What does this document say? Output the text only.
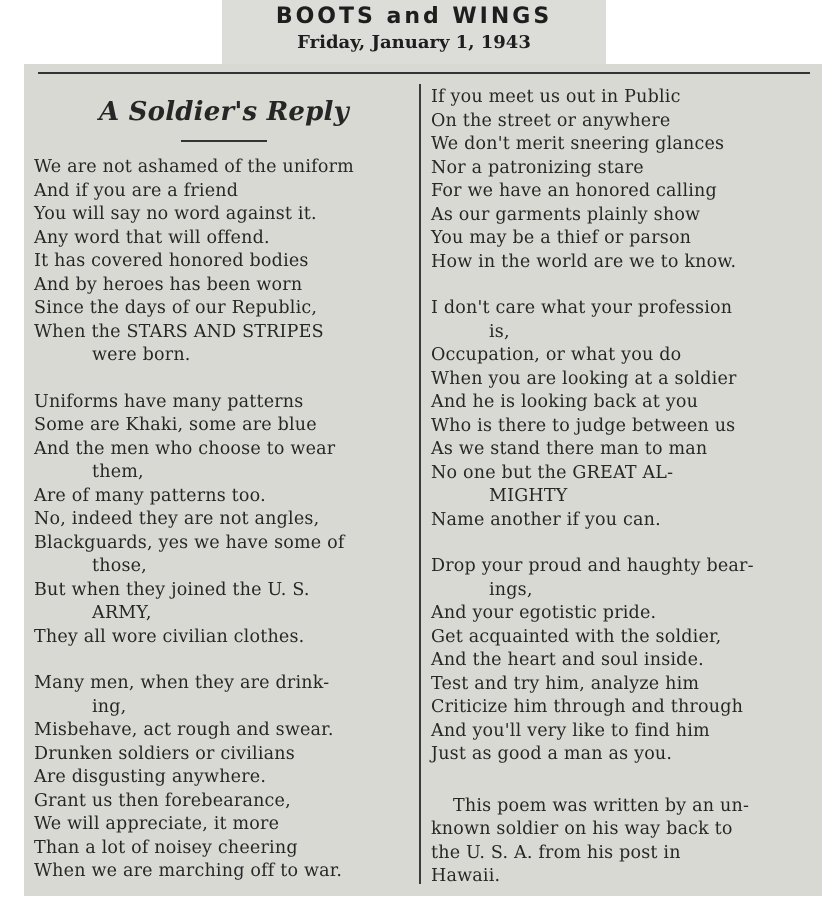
BOOTS and WINGS
Friday, January 1, 1943
A Soldier's Reply
We are not ashamed of the uniform
And if you are a friend
You will say no word against it.
Any word that will offend.
It has covered honored bodies
And by heroes has been worn
Since the days of our Republic,
When the STARS AND STRIPES
were born.
Uniforms have many patterns
Some are Khaki, some are blue
And the men who choose to wear
them,
Are of many patterns too.
No, indeed they are not angles,
Blackguards, yes we have some of
those,
But when they joined the U. S.
ARMY,
They all wore civilian clothes.
Many men, when they are drink-
ing,
Misbehave, act rough and swear.
Drunken soldiers or civilians
Are disgusting anywhere.
Grant us then forebearance,
We will appreciate, it more
Than a lot of noisey cheering
When we are marching off to war.
If you meet us out in Public
On the street or anywhere
We don't merit sneering glances
Nor a patronizing stare
For we have an honored calling
As our garments plainly show
You may be a thief or parson
How in the world are we to know.
I don't care what your profession
is,
Occupation, or what you do
When you are looking at a soldier
And he is looking back at you
Who is there to judge between us
As we stand there man to man
No one but the GREAT AL-
MIGHTY
Name another if you can.
Drop your proud and haughty bear-
ings,
And your egotistic pride.
Get acquainted with the soldier,
And the heart and soul inside.
Test and try him, analyze him
Criticize him through and through
And you'll very like to find him
Just as good a man as you.
This poem was written by an un-
known soldier on his way back to
the U. S. A. from his post in
Hawaii.
